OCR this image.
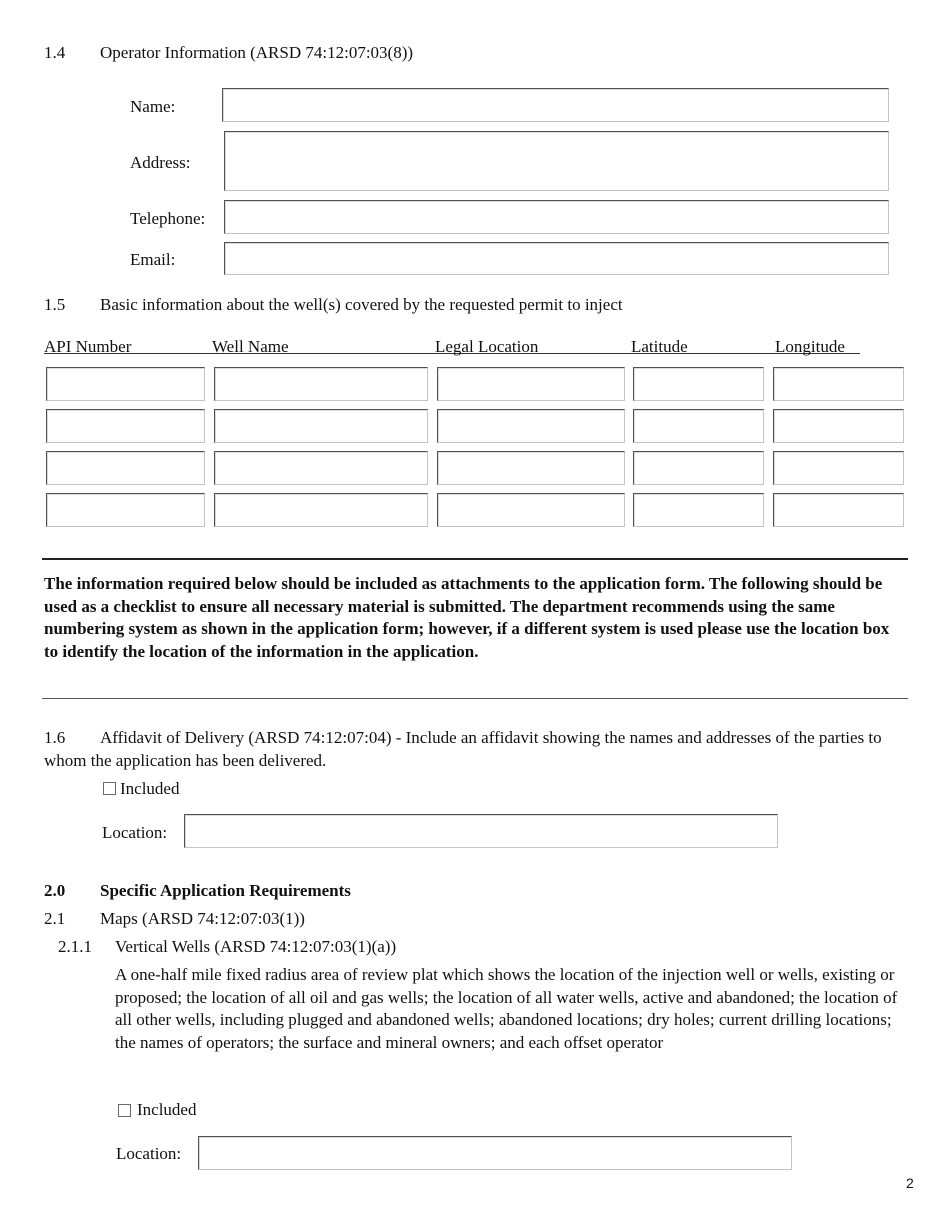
1.4 Operator Information (ARSD 74:12:07:03(8))
Name:
Address:
Telephone:
Email:
1.5 Basic information about the well(s) covered by the requested permit to inject
API Number	Well Name	Legal Location	Latitude	Longitude
The information required below should be included as attachments to the application form. The following should be used as a checklist to ensure all necessary material is submitted. The department recommends using the same numbering system as shown in the application form; however, if a different system is used please use the location box to identify the location of the information in the application.
1.6 Affidavit of Delivery (ARSD 74:12:07:04) - Include an affidavit showing the names and addresses of the parties to whom the application has been delivered.
Included
Location:
2.0 Specific Application Requirements
2.1 Maps (ARSD 74:12:07:03(1))
2.1.1 Vertical Wells (ARSD 74:12:07:03(1)(a))
A one-half mile fixed radius area of review plat which shows the location of the injection well or wells, existing or proposed; the location of all oil and gas wells; the location of all water wells, active and abandoned; the location of all other wells, including plugged and abandoned wells; abandoned locations; dry holes; current drilling locations; the names of operators; the surface and mineral owners; and each offset operator
Included
Location:
2
